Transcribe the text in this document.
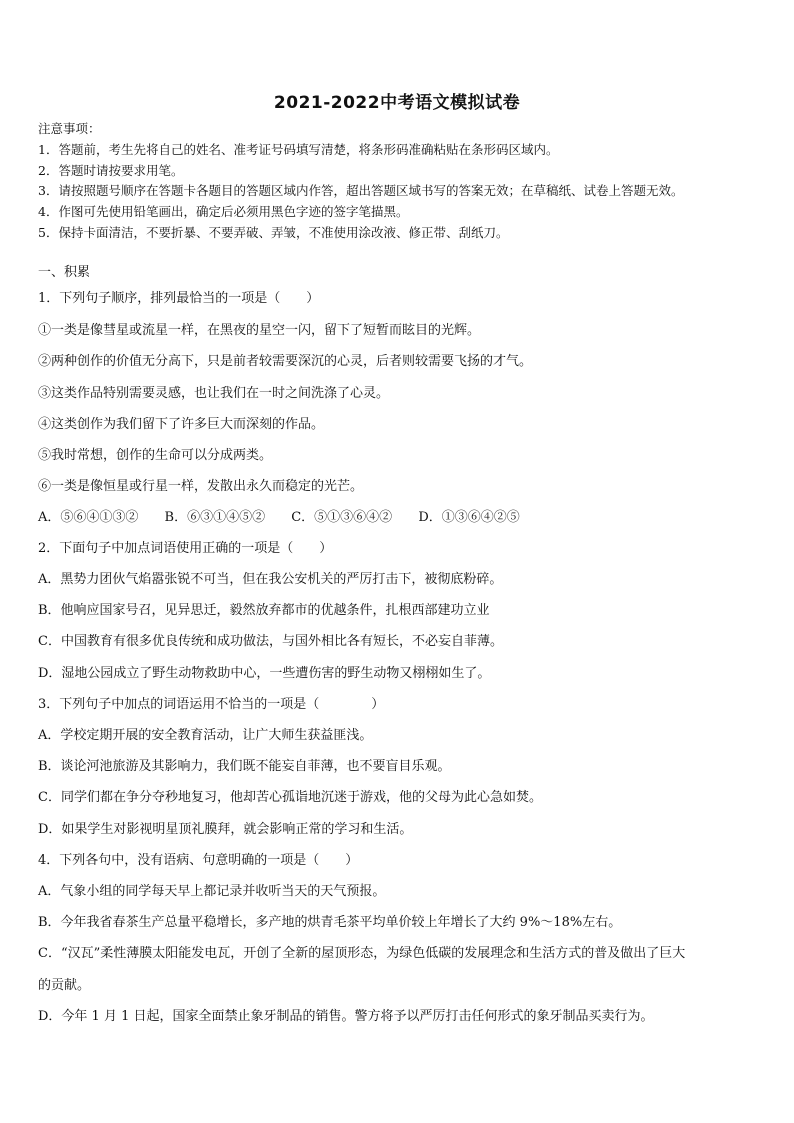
2021-2022中考语文模拟试卷
注意事项：
1．答题前，考生先将自己的姓名、准考证号码填写清楚，将条形码准确粘贴在条形码区域内。
2．答题时请按要求用笔。
3．请按照题号顺序在答题卡各题目的答题区域内作答，超出答题区域书写的答案无效；在草稿纸、试卷上答题无效。
4．作图可先使用铅笔画出，确定后必须用黑色字迹的签字笔描黑。
5．保持卡面清洁，不要折暴、不要弄破、弄皱，不准使用涂改液、修正带、刮纸刀。
一、积累
1．下列句子顺序，排列最恰当的一项是（　　）
①一类是像彗星或流星一样，在黑夜的星空一闪，留下了短暂而眩目的光辉。
②两种创作的价值无分高下，只是前者较需要深沉的心灵，后者则较需要飞扬的才气。
③这类作品特别需要灵感，也让我们在一时之间洗涤了心灵。
④这类创作为我们留下了许多巨大而深刻的作品。
⑤我时常想，创作的生命可以分成两类。
⑥一类是像恒星或行星一样，发散出永久而稳定的光芒。
A．⑤⑥④①③② B．⑥③①④⑤② C．⑤①③⑥④② D．①③⑥④②⑤
2．下面句子中加点词语使用正确的一项是（　　）
A．黑势力团伙气焰嚣张锐不可当，但在我公安机关的严厉打击下，被彻底粉碎。
B．他响应国家号召，见异思迁，毅然放弃都市的优越条件，扎根西部建功立业
C．中国教育有很多优良传统和成功做法，与国外相比各有短长，不必妄自菲薄。
D．湿地公园成立了野生动物救助中心，一些遭伤害的野生动物又栩栩如生了。
3．下列句子中加点的词语运用不恰当的一项是（　　　　）
A．学校定期开展的安全教育活动，让广大师生获益匪浅。
B．谈论河池旅游及其影响力，我们既不能妄自菲薄，也不要盲目乐观。
C．同学们都在争分夺秒地复习，他却苦心孤诣地沉迷于游戏，他的父母为此心急如焚。
D．如果学生对影视明星顶礼膜拜，就会影响正常的学习和生活。
4．下列各句中，没有语病、句意明确的一项是（　　）
A．气象小组的同学每天早上都记录并收听当天的天气预报。
B．今年我省春茶生产总量平稳增长，多产地的烘青毛茶平均单价较上年增长了大约 9%～18%左右。
C．“汉瓦”柔性薄膜太阳能发电瓦，开创了全新的屋顶形态，为绿色低碳的发展理念和生活方式的普及做出了巨大
的贡献。
D．今年 1 月 1 日起，国家全面禁止象牙制品的销售。警方将予以严厉打击任何形式的象牙制品买卖行为。
